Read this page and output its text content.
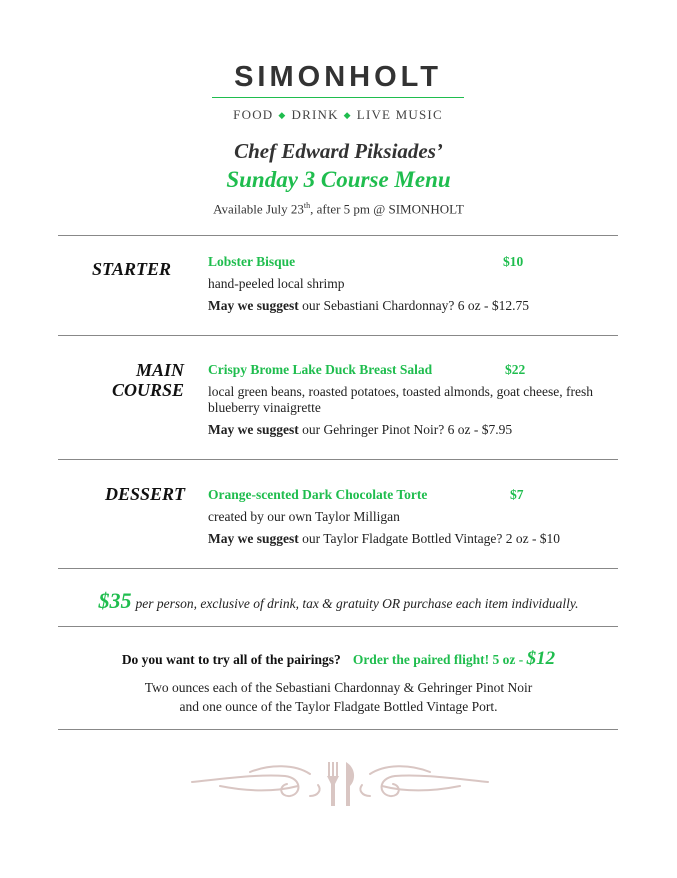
SIMONHOLT
FOOD ◆ DRINK ◆ LIVE MUSIC
Chef Edward Piksiades’
Sunday 3 Course Menu
Available July 23th, after 5 pm @ SIMONHOLT
STARTER	Lobster Bisque	$10
hand-peeled local shrimp
May we suggest our Sebastiani Chardonnay? 6 oz - $12.75
MAIN
COURSE
Crispy Brome Lake Duck Breast Salad	$22
local green beans, roasted potatoes, toasted almonds, goat cheese, fresh blueberry vinaigrette
May we suggest our Gehringer Pinot Noir? 6 oz - $7.95
DESSERT Orange-scented Dark Chocolate Torte	$7
created by our own Taylor Milligan
May we suggest our Taylor Fladgate Bottled Vintage? 2 oz - $10
$35 per person, exclusive of drink, tax & gratuity OR purchase each item individually.
Do you want to try all of the pairings? Order the paired flight! 5 oz - $12
Two ounces each of the Sebastiani Chardonnay & Gehringer Pinot Noir
and one ounce of the Taylor Fladgate Bottled Vintage Port.
